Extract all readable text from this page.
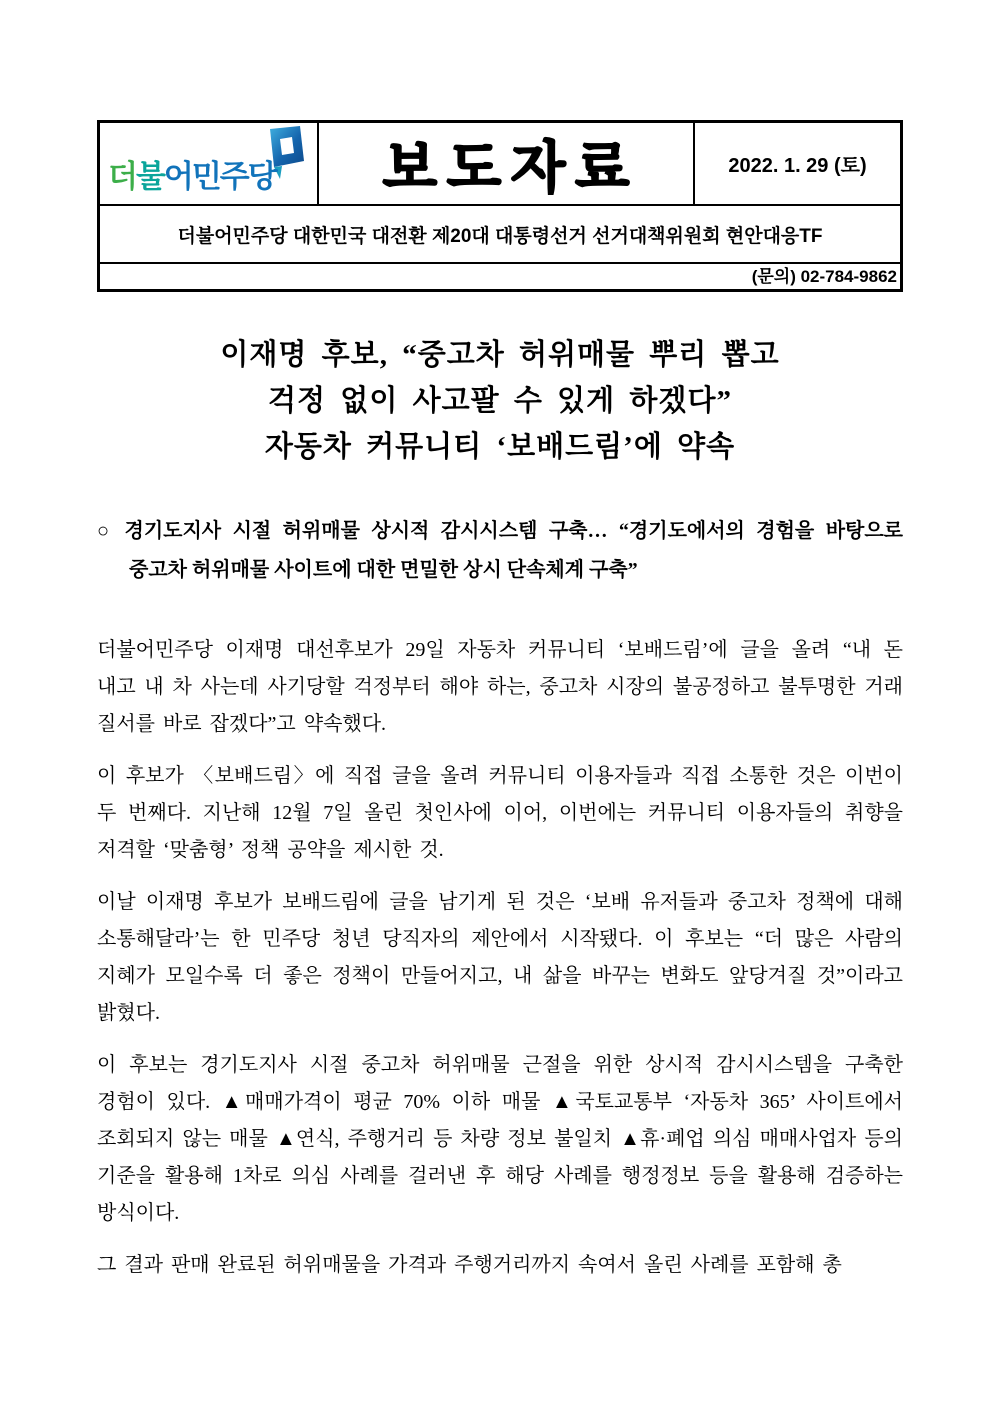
더불어민주당 보도자료	2022. 1. 29 (토)
더불어민주당 대한민국 대전환 제20대 대통령선거 선거대책위원회 현안대응TF
(문의) 02-784-9862
이재명 후보, “중고차 허위매물 뿌리 뽑고
걱정 없이 사고팔 수 있게 하겠다”
자동차 커뮤니티 ‘보배드림’에 약속

○ 경기도지사 시절 허위매물 상시적 감시시스템 구축… “경기도에서의 경험을 바탕으로 중고차 허위매물 사이트에 대한 면밀한 상시 단속체계 구축”

더불어민주당 이재명 대선후보가 29일 자동차 커뮤니티 ‘보배드림’에 글을 올려 “내 돈 내고 내 차 사는데 사기당할 걱정부터 해야 하는, 중고차 시장의 불공정하고 불투명한 거래 질서를 바로 잡겠다”고 약속했다.

이 후보가 〈보배드림〉에 직접 글을 올려 커뮤니티 이용자들과 직접 소통한 것은 이번이 두 번째다. 지난해 12월 7일 올린 첫인사에 이어, 이번에는 커뮤니티 이용자들의 취향을 저격할 ‘맞춤형’ 정책 공약을 제시한 것.

이날 이재명 후보가 보배드림에 글을 남기게 된 것은 ‘보배 유저들과 중고차 정책에 대해 소통해달라’는 한 민주당 청년 당직자의 제안에서 시작됐다. 이 후보는 “더 많은 사람의 지혜가 모일수록 더 좋은 정책이 만들어지고, 내 삶을 바꾸는 변화도 앞당겨질 것”이라고 밝혔다.

이 후보는 경기도지사 시절 중고차 허위매물 근절을 위한 상시적 감시시스템을 구축한 경험이 있다. ▲매매가격이 평균 70% 이하 매물 ▲국토교통부 ‘자동차 365’ 사이트에서 조회되지 않는 매물 ▲연식, 주행거리 등 차량 정보 불일치 ▲휴·폐업 의심 매매사업자 등의 기준을 활용해 1차로 의심 사례를 걸러낸 후 해당 사례를 행정정보 등을 활용해 검증하는 방식이다.

그 결과 판매 완료된 허위매물을 가격과 주행거리까지 속여서 올린 사례를 포함해 총
